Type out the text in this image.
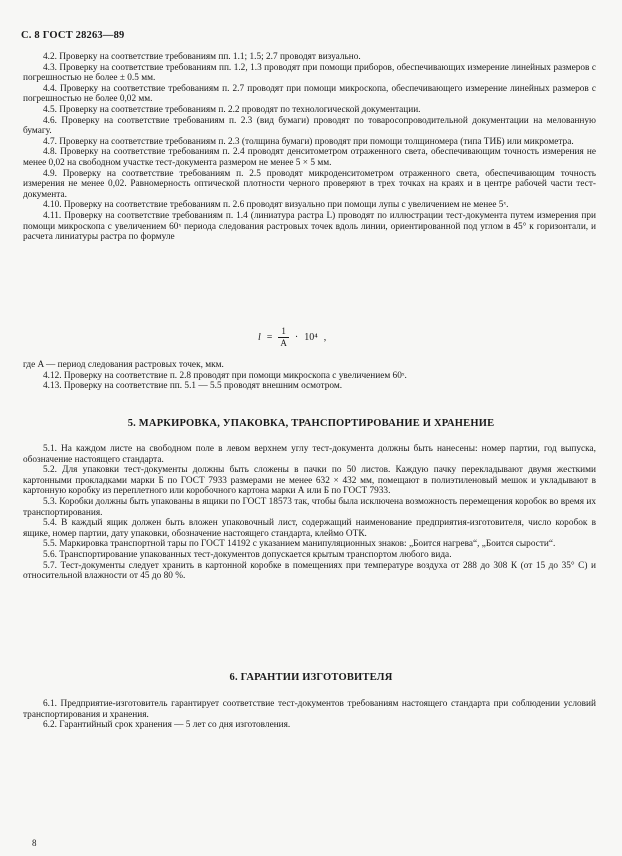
С. 8 ГОСТ 28263—89

4.2. Проверку на соответствие требованиям пп. 1.1; 1.5; 2.7 проводят визуально.

4.3. Проверку на соответствие требованиям пп. 1.2, 1.3 проводят при помощи приборов, обеспечивающих измерение линейных размеров с погрешностью не более ± 0.5 мм.

4.4. Проверку на соответствие требованиям п. 2.7 проводят при помощи микроскопа, обеспечивающего измерение линейных размеров с погрешностью не более 0,02 мм.

4.5. Проверку на соответствие требованиям п. 2.2 проводят по технологической документации.

4.6. Проверку на соответствие требованиям п. 2.3 (вид бумаги) проводят по товаросопроводительной документации на мелованную бумагу.

4.7. Проверку на соответствие требованиям п. 2.3 (толщина бумаги) проводят при помощи толщиномера (типа ТИБ) или микрометра.

4.8. Проверку на соответствие требованиям п. 2.4 проводят денситометром отраженного света, обеспечивающим точность измерения не менее 0,02 на свободном участке тест-документа размером не менее 5 × 5 мм.

4.9. Проверку на соответствие требованиям п. 2.5 проводят микроденситометром отраженного света, обеспечивающим точность измерения не менее 0,02. Равномерность оптической плотности черного проверяют в трех точках на краях и в центре рабочей части тест-документа.

4.10. Проверку на соответствие требованиям п. 2.6 проводят визуально при помощи лупы с увеличением не менее 5ˣ.

4.11. Проверку на соответствие требованиям п. 1.4 (линиатура растра L) проводят по иллюстрации тест-документа путем измерения при помощи микроскопа с увеличением 60ˣ периода следования растровых точек вдоль линии, ориентированной под углом в 45° к горизонтали, и расчета линиатуры растра по формуле

$l = \frac{1}{A} \cdot 10^4$ ,

где A — период следования растровых точек, мкм.

4.12. Проверку на соответствие п. 2.8 проводят при помощи микроскопа с увеличением 60ˣ.

4.13. Проверку на соответствие пп. 5.1 — 5.5 проводят внешним осмотром.

5. МАРКИРОВКА, УПАКОВКА, ТРАНСПОРТИРОВАНИЕ И ХРАНЕНИЕ

5.1. На каждом листе на свободном поле в левом верхнем углу тест-документа должны быть нанесены: номер партии, год выпуска, обозначение настоящего стандарта.

5.2. Для упаковки тест-документы должны быть сложены в пачки по 50 листов. Каждую пачку перекладывают двумя жесткими картонными прокладками марки Б по ГОСТ 7933 размерами не менее 632 × 432 мм, помещают в полиэтиленовый мешок и укладывают в картонную коробку из переплетного или коробочного картона марки А или Б по ГОСТ 7933.

5.3. Коробки должны быть упакованы в ящики по ГОСТ 18573 так, чтобы была исключена возможность перемещения коробок во время их транспортирования.

5.4. В каждый ящик должен быть вложен упаковочный лист, содержащий наименование предприятия-изготовителя, число коробок в ящике, номер партии, дату упаковки, обозначение настоящего стандарта, клеймо ОТК.

5.5. Маркировка транспортной тары по ГОСТ 14192 с указанием манипуляционных знаков: „Боится нагрева“, „Боится сырости“.

5.6. Транспортирование упакованных тест-документов допускается крытым транспортом любого вида.

5.7. Тест-документы следует хранить в картонной коробке в помещениях при температуре воздуха от 288 до 308 К (от 15 до 35° С) и относительной влажности от 45 до 80 %.

6. ГАРАНТИИ ИЗГОТОВИТЕЛЯ

6.1. Предприятие-изготовитель гарантирует соответствие тест-документов требованиям настоящего стандарта при соблюдении условий транспортирования и хранения.

6.2. Гарантийный срок хранения — 5 лет со дня изготовления.

8
